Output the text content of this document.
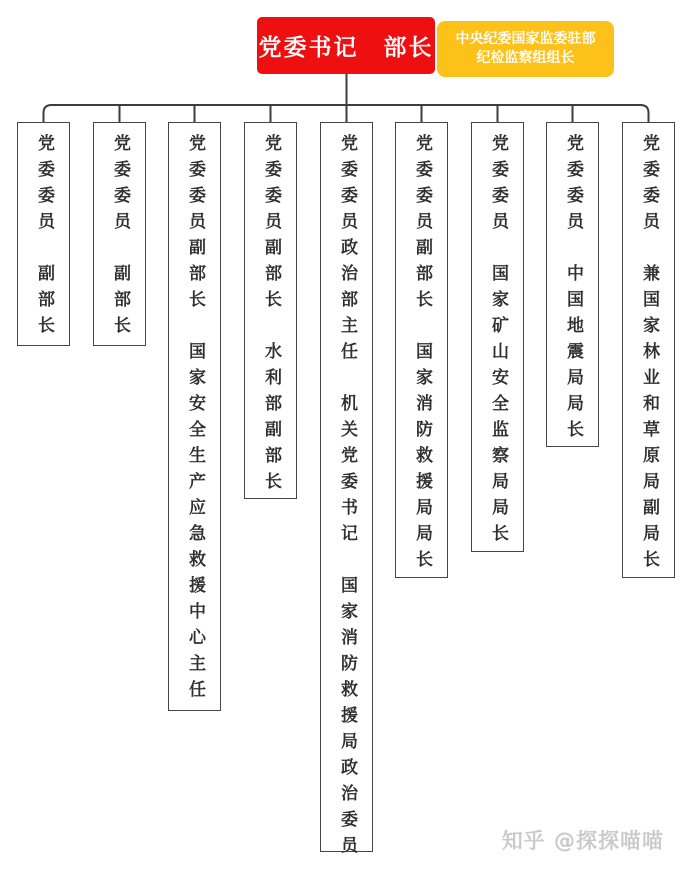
党委书记　部长 中央纪委国家监委驻部
纪检监察组组长
党委委员　副部长	党委委员　副部长	党委委员副部长　国家安全生产应急救援中心主任	党委委员副部长　水利部副部长	党委委员政治部主任　机关党委书记　国家消防救援局政治委员	党委委员副部长　国家消防救援局局长	党委委员　国家矿山安全监察局局长	党委委员　中国地震局局长	党委委员　兼国家林业和草原局副局长
知乎 @探探喵喵
